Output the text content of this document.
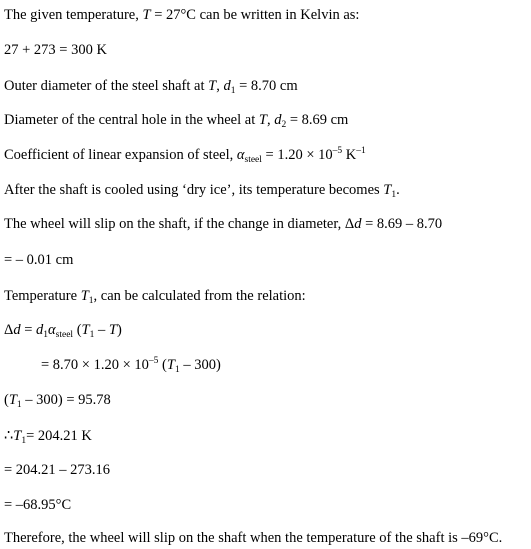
The given temperature, T = 27°C can be written in Kelvin as:
27 + 273 = 300 K
Outer diameter of the steel shaft at T, $d_1 = 8.70$ cm
Diameter of the central hole in the wheel at T, $d_2 = 8.69$ cm
Coefficient of linear expansion of steel, $\alpha_{steel} = 1.20 \times 10^{-5}$ $K^{-1}$
After the shaft is cooled using ‘dry ice’, its temperature becomes $T_1$.
The wheel will slip on the shaft, if the change in diameter, Δd = 8.69 – 8.70
= – 0.01 cm
Temperature $T_1$, can be calculated from the relation:
$\Delta d = d_1\alpha_{steel}$ $(T_1 - T)$
= $8.70 \times 1.20 \times 10^{-5}$ $(T_1 - 300)$
$(T_1 - 300) = 95.78$
$\therefore T_1= 204.21$ K
= 204.21 – 273.16
= –68.95°C
Therefore, the wheel will slip on the shaft when the temperature of the shaft is –69°C.
